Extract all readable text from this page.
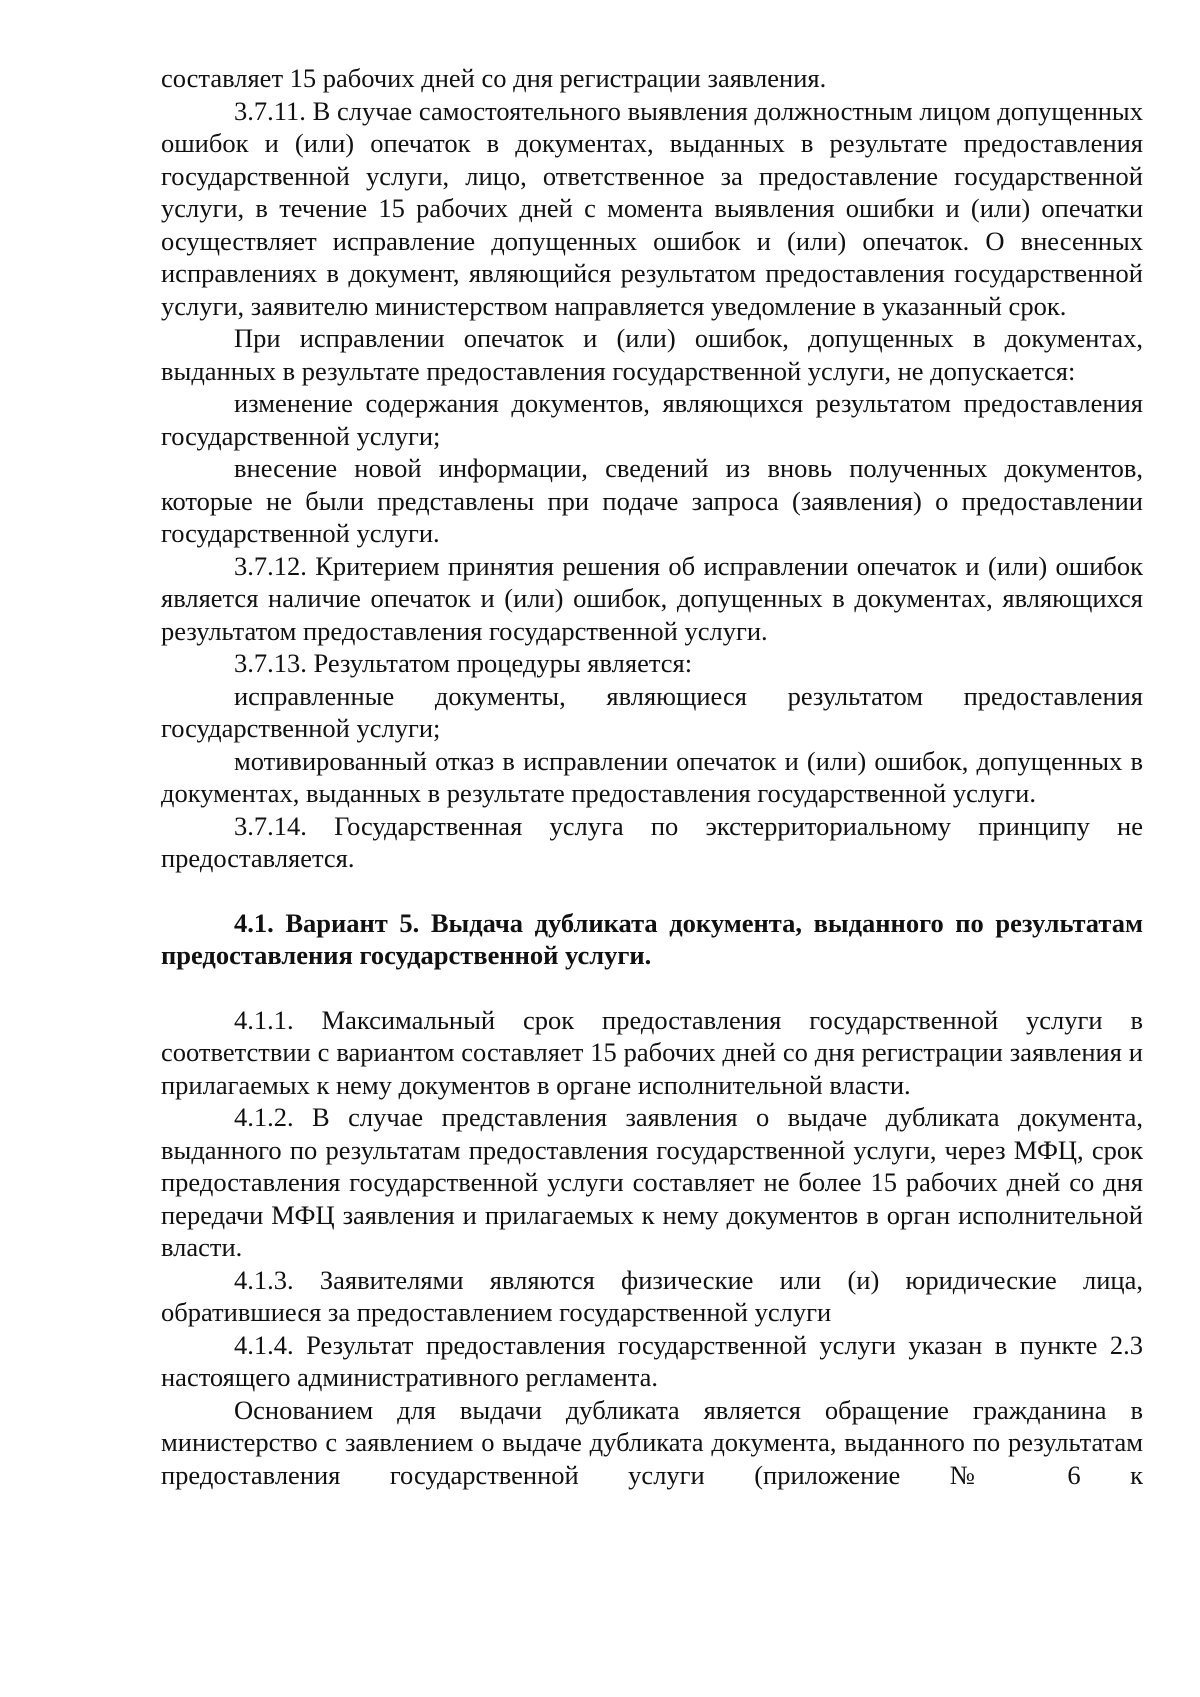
составляет 15 рабочих дней со дня регистрации заявления.

3.7.11. В случае самостоятельного выявления должностным лицом допущенных ошибок и (или) опечаток в документах, выданных в результате предоставления государственной услуги, лицо, ответственное за предоставление государственной услуги, в течение 15 рабочих дней с момента выявления ошибки и (или) опечатки осуществляет исправление допущенных ошибок и (или) опечаток. О внесенных исправлениях в документ, являющийся результатом предоставления государственной услуги, заявителю министерством направляется уведомление в указанный срок.

При исправлении опечаток и (или) ошибок, допущенных в документах, выданных в результате предоставления государственной услуги, не допускается:

изменение содержания документов, являющихся результатом предоставления государственной услуги;

внесение новой информации, сведений из вновь полученных документов, которые не были представлены при подаче запроса (заявления) о предоставлении государственной услуги.

3.7.12. Критерием принятия решения об исправлении опечаток и (или) ошибок является наличие опечаток и (или) ошибок, допущенных в документах, являющихся результатом предоставления государственной услуги.

3.7.13. Результатом процедуры является:

исправленные документы, являющиеся результатом предоставления государственной услуги;

мотивированный отказ в исправлении опечаток и (или) ошибок, допущенных в документах, выданных в результате предоставления государственной услуги.

3.7.14. Государственная услуга по экстерриториальному принципу не предоставляется.

4.1. Вариант 5. Выдача дубликата документа, выданного по результатам предоставления государственной услуги.

4.1.1. Максимальный срок предоставления государственной услуги в соответствии с вариантом составляет 15 рабочих дней со дня регистрации заявления и прилагаемых к нему документов в органе исполнительной власти.

4.1.2. В случае представления заявления о выдаче дубликата документа, выданного по результатам предоставления государственной услуги, через МФЦ, срок предоставления государственной услуги составляет не более 15 рабочих дней со дня передачи МФЦ заявления и прилагаемых к нему документов в орган исполнительной власти.

4.1.3. Заявителями являются физические или (и) юридические лица, обратившиеся за предоставлением государственной услуги

4.1.4. Результат предоставления государственной услуги указан в пункте 2.3 настоящего административного регламента.

Основанием для выдачи дубликата является обращение гражданина в министерство с заявлением о выдаче дубликата документа, выданного по результатам предоставления государственной услуги (приложение № 6 к
